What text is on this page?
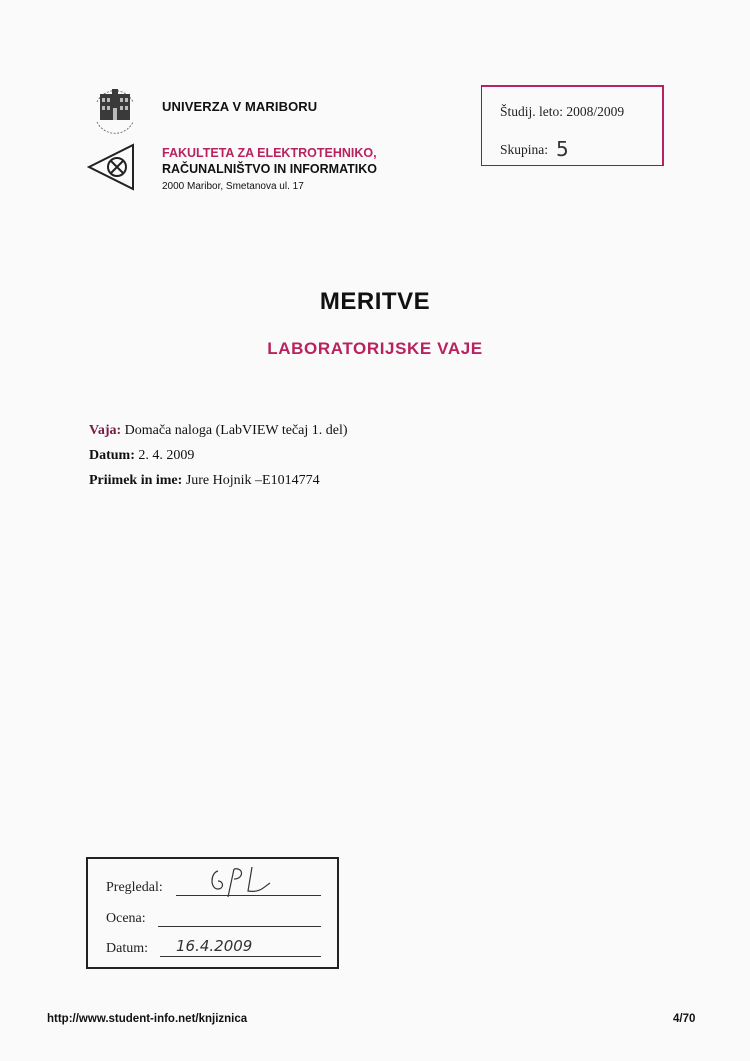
UNIVERZA V MARIBORU
FAKULTETA ZA ELEKTROTEHNIKO,
RAČUNALNIŠTVO IN INFORMATIKO
2000 Maribor, Smetanova ul. 17
Študij. leto: 2008/2009
Skupina: 5
MERITVE
LABORATORIJSKE VAJE
Vaja: Domača naloga (LabVIEW tečaj 1. del)
Datum: 2. 4. 2009
Priimek in ime: Jure Hojnik –E1014774
Pregledal:
Ocena:
Datum: 16.4.2009
http://www.student-info.net/knjiznica	4/70
